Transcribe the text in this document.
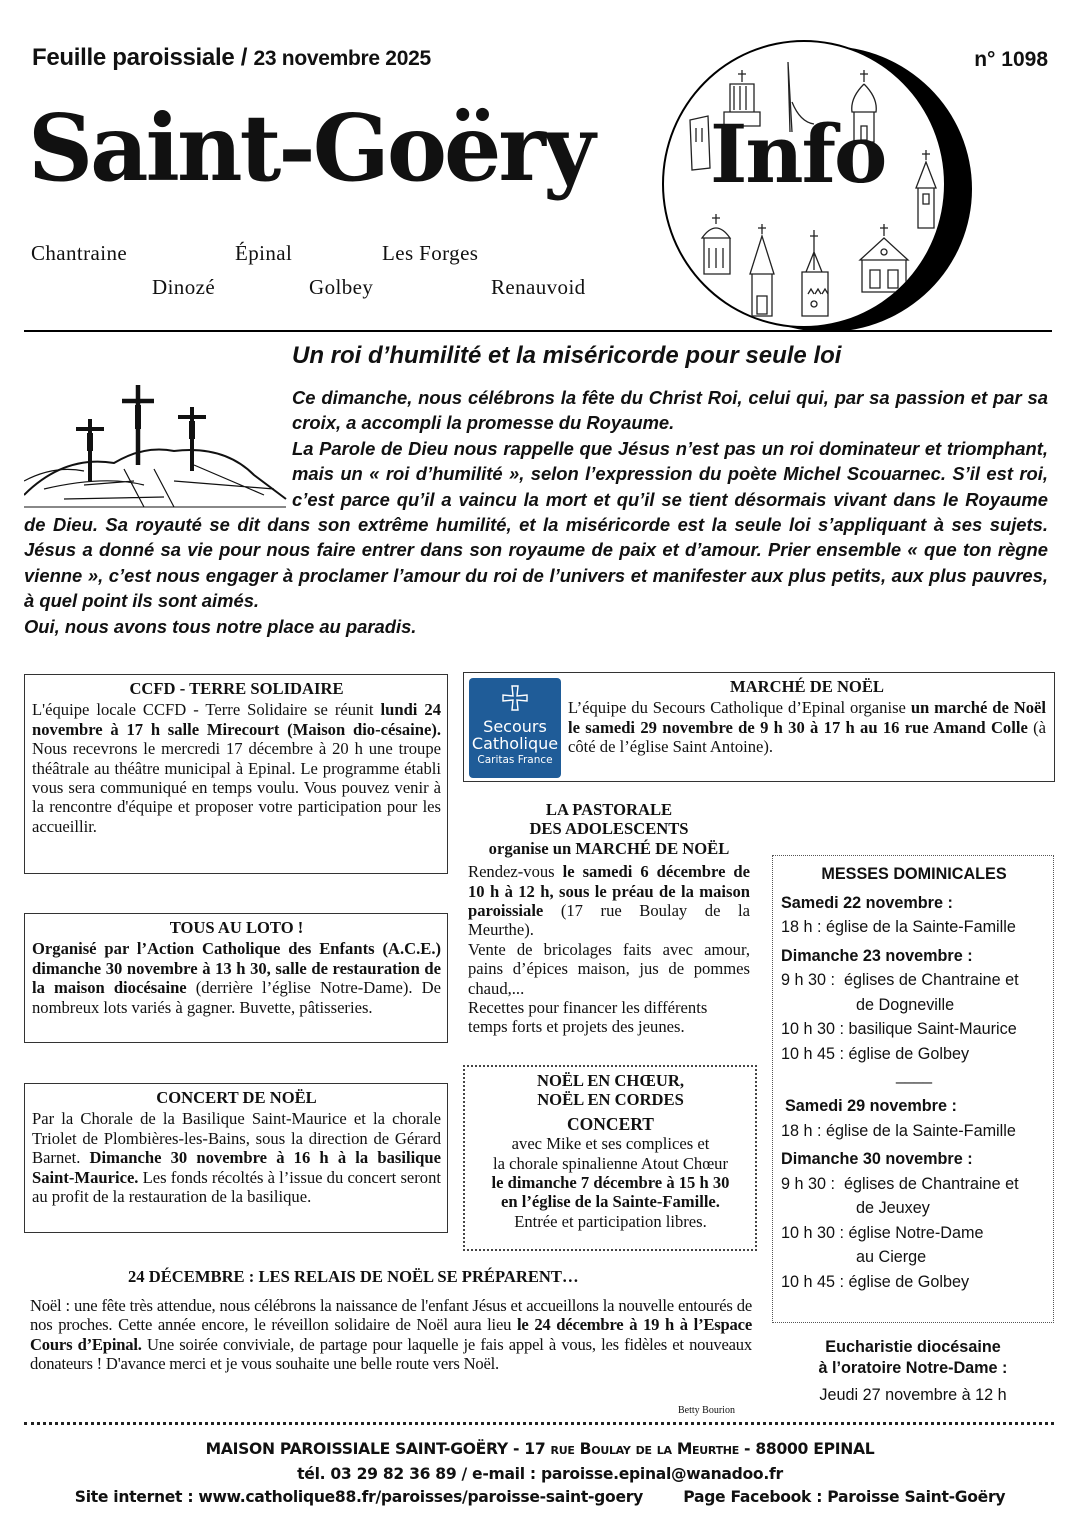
Feuille paroissiale / 23 novembre 2025	n° 1098
Saint-Goëry
Chantraine	Épinal	Les Forges
Dinozé	Golbey	Renauvoid
Info
Un roi d’humilité et la miséricorde pour seule loi

Ce dimanche, nous célébrons la fête du Christ Roi, celui qui, par sa passion et par sa croix, a accompli la promesse du Royaume.

La Parole de Dieu nous rappelle que Jésus n’est pas un roi dominateur et triomphant, mais un « roi d’humilité », selon l’expression du poète Michel Scouarnec. S’il est roi, c’est parce qu’il a vaincu la mort et qu’il se tient désormais vivant dans le Royaume de Dieu. Sa royauté se dit dans son extrême humilité, et la miséricorde est la seule loi s’appliquant à ses sujets. Jésus a donné sa vie pour nous faire entrer dans son royaume de paix et d’amour. Prier ensemble « que ton règne vienne », c’est nous engager à proclamer l’amour du roi de l’univers et manifester aux plus petits, aux plus pauvres, à quel point ils sont aimés.

Oui, nous avons tous notre place au paradis.

CCFD - TERRE SOLIDAIRE
L'équipe locale CCFD - Terre Solidaire se réunit lundi 24 novembre à 17 h salle Mirecourt (Maison dio-césaine). Nous recevrons le mercredi 17 décembre à 20 h une troupe théâtrale au théâtre municipal à Epinal. Le programme établi vous sera communiqué en temps voulu. Vous pouvez venir à la rencontre d'équipe et proposer votre participation pour les accueillir.
Secours
Catholique
Caritas France
MARCHÉ DE NOËL
L’équipe du Secours Catholique d’Epinal organise un marché de Noël le samedi 29 novembre de 9 h 30 à 17 h au 16 rue Amand Colle (à côté de l’église Saint Antoine).
LA PASTORALE
DES ADOLESCENTS
organise un MARCHÉ DE NOËL
Rendez-vous le samedi 6 décembre de 10 h à 12 h, sous le préau de la maison paroissiale (17 rue Boulay de la Meurthe).
Vente de bricolages faits avec amour, pains d’épices maison, jus de pommes chaud,...
Recettes pour financer les différents temps forts et projets des jeunes.
TOUS AU LOTO !
Organisé par l’Action Catholique des Enfants (A.C.E.) dimanche 30 novembre à 13 h 30, salle de restauration de la maison diocésaine (derrière l’église Notre-Dame). De nombreux lots variés à gagner. Buvette, pâtisseries.
CONCERT DE NOËL
Par la Chorale de la Basilique Saint-Maurice et la chorale Triolet de Plombières-les-Bains, sous la direction de Gérard Barnet. Dimanche 30 novembre à 16 h à la basilique Saint-Maurice. Les fonds récoltés à l’issue du concert seront au profit de la restauration de la basilique.
NOËL EN CHŒUR,
NOËL EN CORDES
CONCERT
avec Mike et ses complices et
la chorale spinalienne Atout Chœur
le dimanche 7 décembre à 15 h 30
en l’église de la Sainte-Famille.
Entrée et participation libres.
24 DÉCEMBRE : LES RELAIS DE NOËL SE PRÉPARENT…
Noël : une fête très attendue, nous célébrons la naissance de l'enfant Jésus et accueillons la nouvelle entourés de nos proches. Cette année encore, le réveillon solidaire de Noël aura lieu le 24 décembre à 19 h à l’Espace Cours d’Epinal. Une soirée conviviale, de partage pour laquelle je fais appel à vous, les fidèles et nouveaux donateurs ! D'avance merci et je vous souhaite une belle route vers Noël.
Betty Bourion
MESSES DOMINICALES
Samedi 22 novembre :
18 h : église de la Sainte-Famille
Dimanche 23 novembre :
9 h 30 :  églises de Chantraine et
de Dogneville
10 h 30 : basilique Saint-Maurice
10 h 45 : église de Golbey
____
Samedi 29 novembre :
18 h : église de la Sainte-Famille
Dimanche 30 novembre :
9 h 30 :  églises de Chantraine et
de Jeuxey
10 h 30 : église Notre-Dame
au Cierge
10 h 45 : église de Golbey
Eucharistie diocésaine
à l’oratoire Notre-Dame :
Jeudi 27 novembre à 12 h
MAISON PAROISSIALE SAINT-GOËRY - 17 rue Boulay de la Meurthe - 88000 EPINAL
tél. 03 29 82 36 89 / e-mail : paroisse.epinal@wanadoo.fr
Site internet : www.catholique88.fr/paroisses/paroisse-saint-goery	Page Facebook : Paroisse Saint-Goëry
